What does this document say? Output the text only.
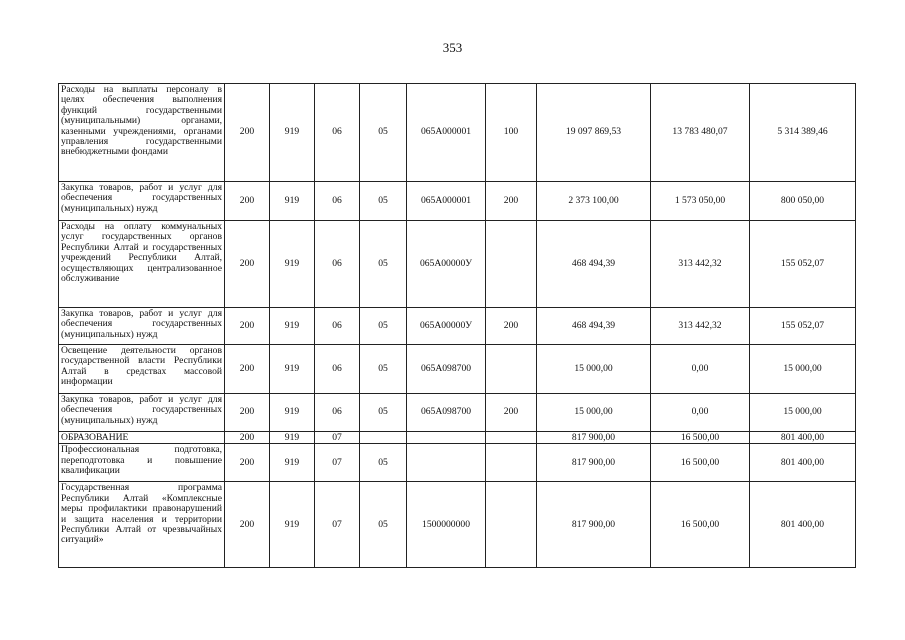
353
Расходы на выплаты персоналу в целях обеспечения выполнения функций государственными (муниципальными) органами, казенными учреждениями, органами управления государственными внебюджетными фондами	200	919	06	05	065А000001	100	19 097 869,53	13 783 480,07	5 314 389,46
Закупка товаров, работ и услуг для обеспечения государственных (муниципальных) нужд	200	919	06	05	065А000001	200	2 373 100,00	1 573 050,00	800 050,00
Расходы на оплату коммунальных услуг государственных органов Республики Алтай и государственных учреждений Республики Алтай, осуществляющих централизованное обслуживание	200	919	06	05	065А00000У		468 494,39	313 442,32	155 052,07
Закупка товаров, работ и услуг для обеспечения государственных (муниципальных) нужд	200	919	06	05	065А00000У	200	468 494,39	313 442,32	155 052,07
Освещение деятельности органов государственной власти Республики Алтай в средствах массовой информации	200	919	06	05	065А098700		15 000,00	0,00	15 000,00
Закупка товаров, работ и услуг для обеспечения государственных (муниципальных) нужд	200	919	06	05	065А098700	200	15 000,00	0,00	15 000,00
ОБРАЗОВАНИЕ	200	919	07				817 900,00	16 500,00	801 400,00
Профессиональная подготовка, переподготовка и повышение квалификации	200	919	07	05			817 900,00	16 500,00	801 400,00
Государственная программа Республики Алтай «Комплексные меры профилактики правонарушений и защита населения и территории Республики Алтай от чрезвычайных ситуаций»	200	919	07	05	1500000000		817 900,00	16 500,00	801 400,00
